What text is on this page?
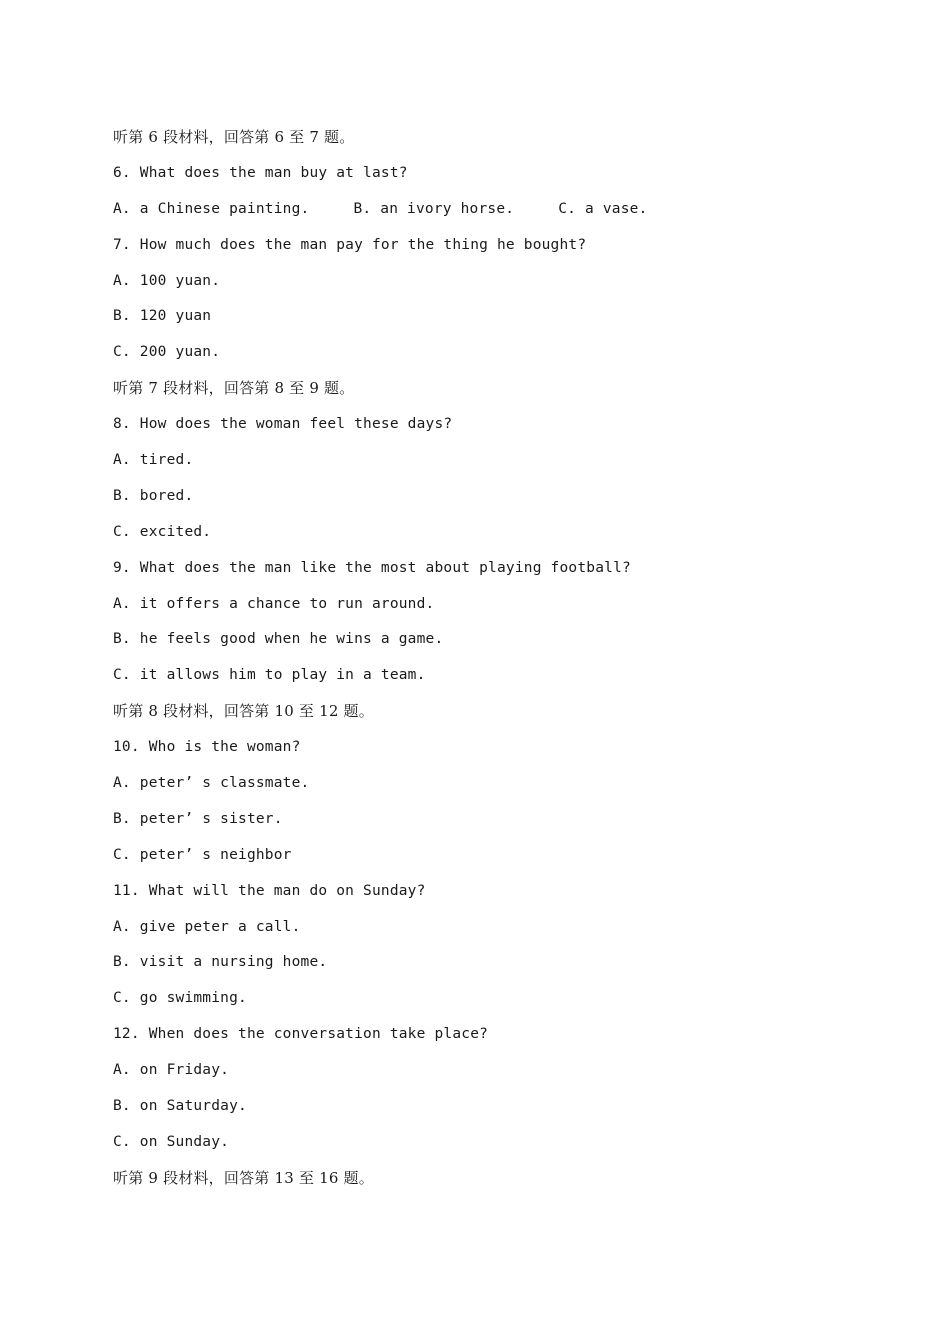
听第 6 段材料，回答第 6 至 7 题。
6. What does the man buy at last?
A. a Chinese painting.	B. an ivory horse.	C. a vase.
7. How much does the man pay for the thing he bought?
A. 100 yuan.
B. 120 yuan
C. 200 yuan.
听第 7 段材料，回答第 8 至 9 题。
8. How does the woman feel these days?
A. tired.
B. bored.
C. excited.
9. What does the man like the most about playing football?
A. it offers a chance to run around.
B. he feels good when he wins a game.
C. it allows him to play in a team.
听第 8 段材料，回答第 10 至 12 题。
10. Who is the woman?
A. peter’ s classmate.
B. peter’ s sister.
C. peter’ s neighbor
11. What will the man do on Sunday?
A. give peter a call.
B. visit a nursing home.
C. go swimming.
12. When does the conversation take place?
A. on Friday.
B. on Saturday.
C. on Sunday.
听第 9 段材料，回答第 13 至 16 题。
